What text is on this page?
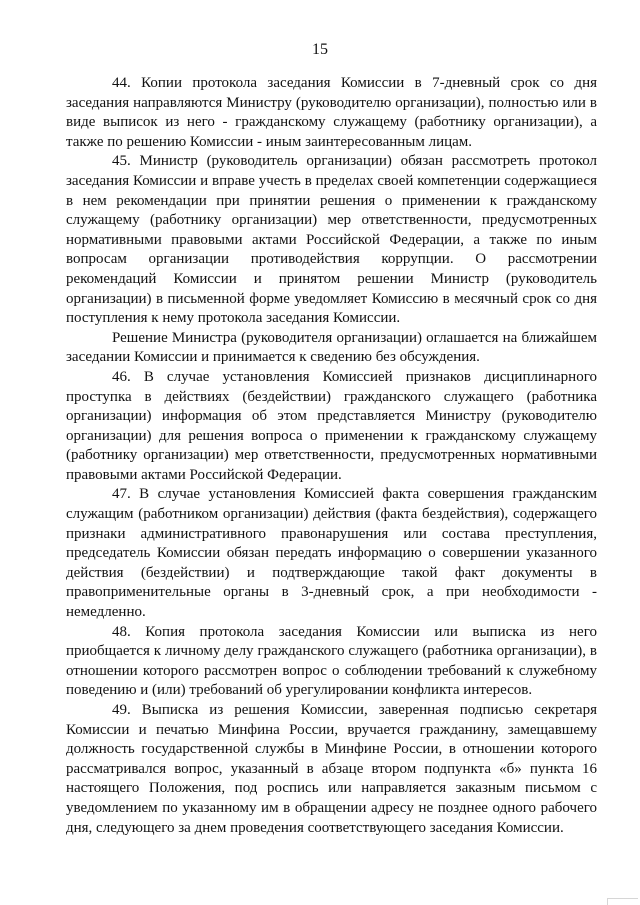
15

44. Копии протокола заседания Комиссии в 7-дневный срок со дня заседания направляются Министру (руководителю организации), полностью или в виде выписок из него - гражданскому служащему (работнику организации), а также по решению Комиссии - иным заинтересованным лицам.

45. Министр (руководитель организации) обязан рассмотреть протокол заседания Комиссии и вправе учесть в пределах своей компетенции содержащиеся в нем рекомендации при принятии решения о применении к гражданскому служащему (работнику организации) мер ответственности, предусмотренных нормативными правовыми актами Российской Федерации, а также по иным вопросам организации противодействия коррупции. О рассмотрении рекомендаций Комиссии и принятом решении Министр (руководитель организации) в письменной форме уведомляет Комиссию в месячный срок со дня поступления к нему протокола заседания Комиссии.

Решение Министра (руководителя организации) оглашается на ближайшем заседании Комиссии и принимается к сведению без обсуждения.

46. В случае установления Комиссией признаков дисциплинарного проступка в действиях (бездействии) гражданского служащего (работника организации) информация об этом представляется Министру (руководителю организации) для решения вопроса о применении к гражданскому служащему (работнику организации) мер ответственности, предусмотренных нормативными правовыми актами Российской Федерации.

47. В случае установления Комиссией факта совершения гражданским служащим (работником организации) действия (факта бездействия), содержащего признаки административного правонарушения или состава преступления, председатель Комиссии обязан передать информацию о совершении указанного действия (бездействии) и подтверждающие такой факт документы в правоприменительные органы в 3-дневный срок, а при необходимости - немедленно.

48. Копия протокола заседания Комиссии или выписка из него приобщается к личному делу гражданского служащего (работника организации), в отношении которого рассмотрен вопрос о соблюдении требований к служебному поведению и (или) требований об урегулировании конфликта интересов.

49. Выписка из решения Комиссии, заверенная подписью секретаря Комиссии и печатью Минфина России, вручается гражданину, замещавшему должность государственной службы в Минфине России, в отношении которого рассматривался вопрос, указанный в абзаце втором подпункта «б» пункта 16 настоящего Положения, под роспись или направляется заказным письмом с уведомлением по указанному им в обращении адресу не позднее одного рабочего дня, следующего за днем проведения соответствующего заседания Комиссии.
